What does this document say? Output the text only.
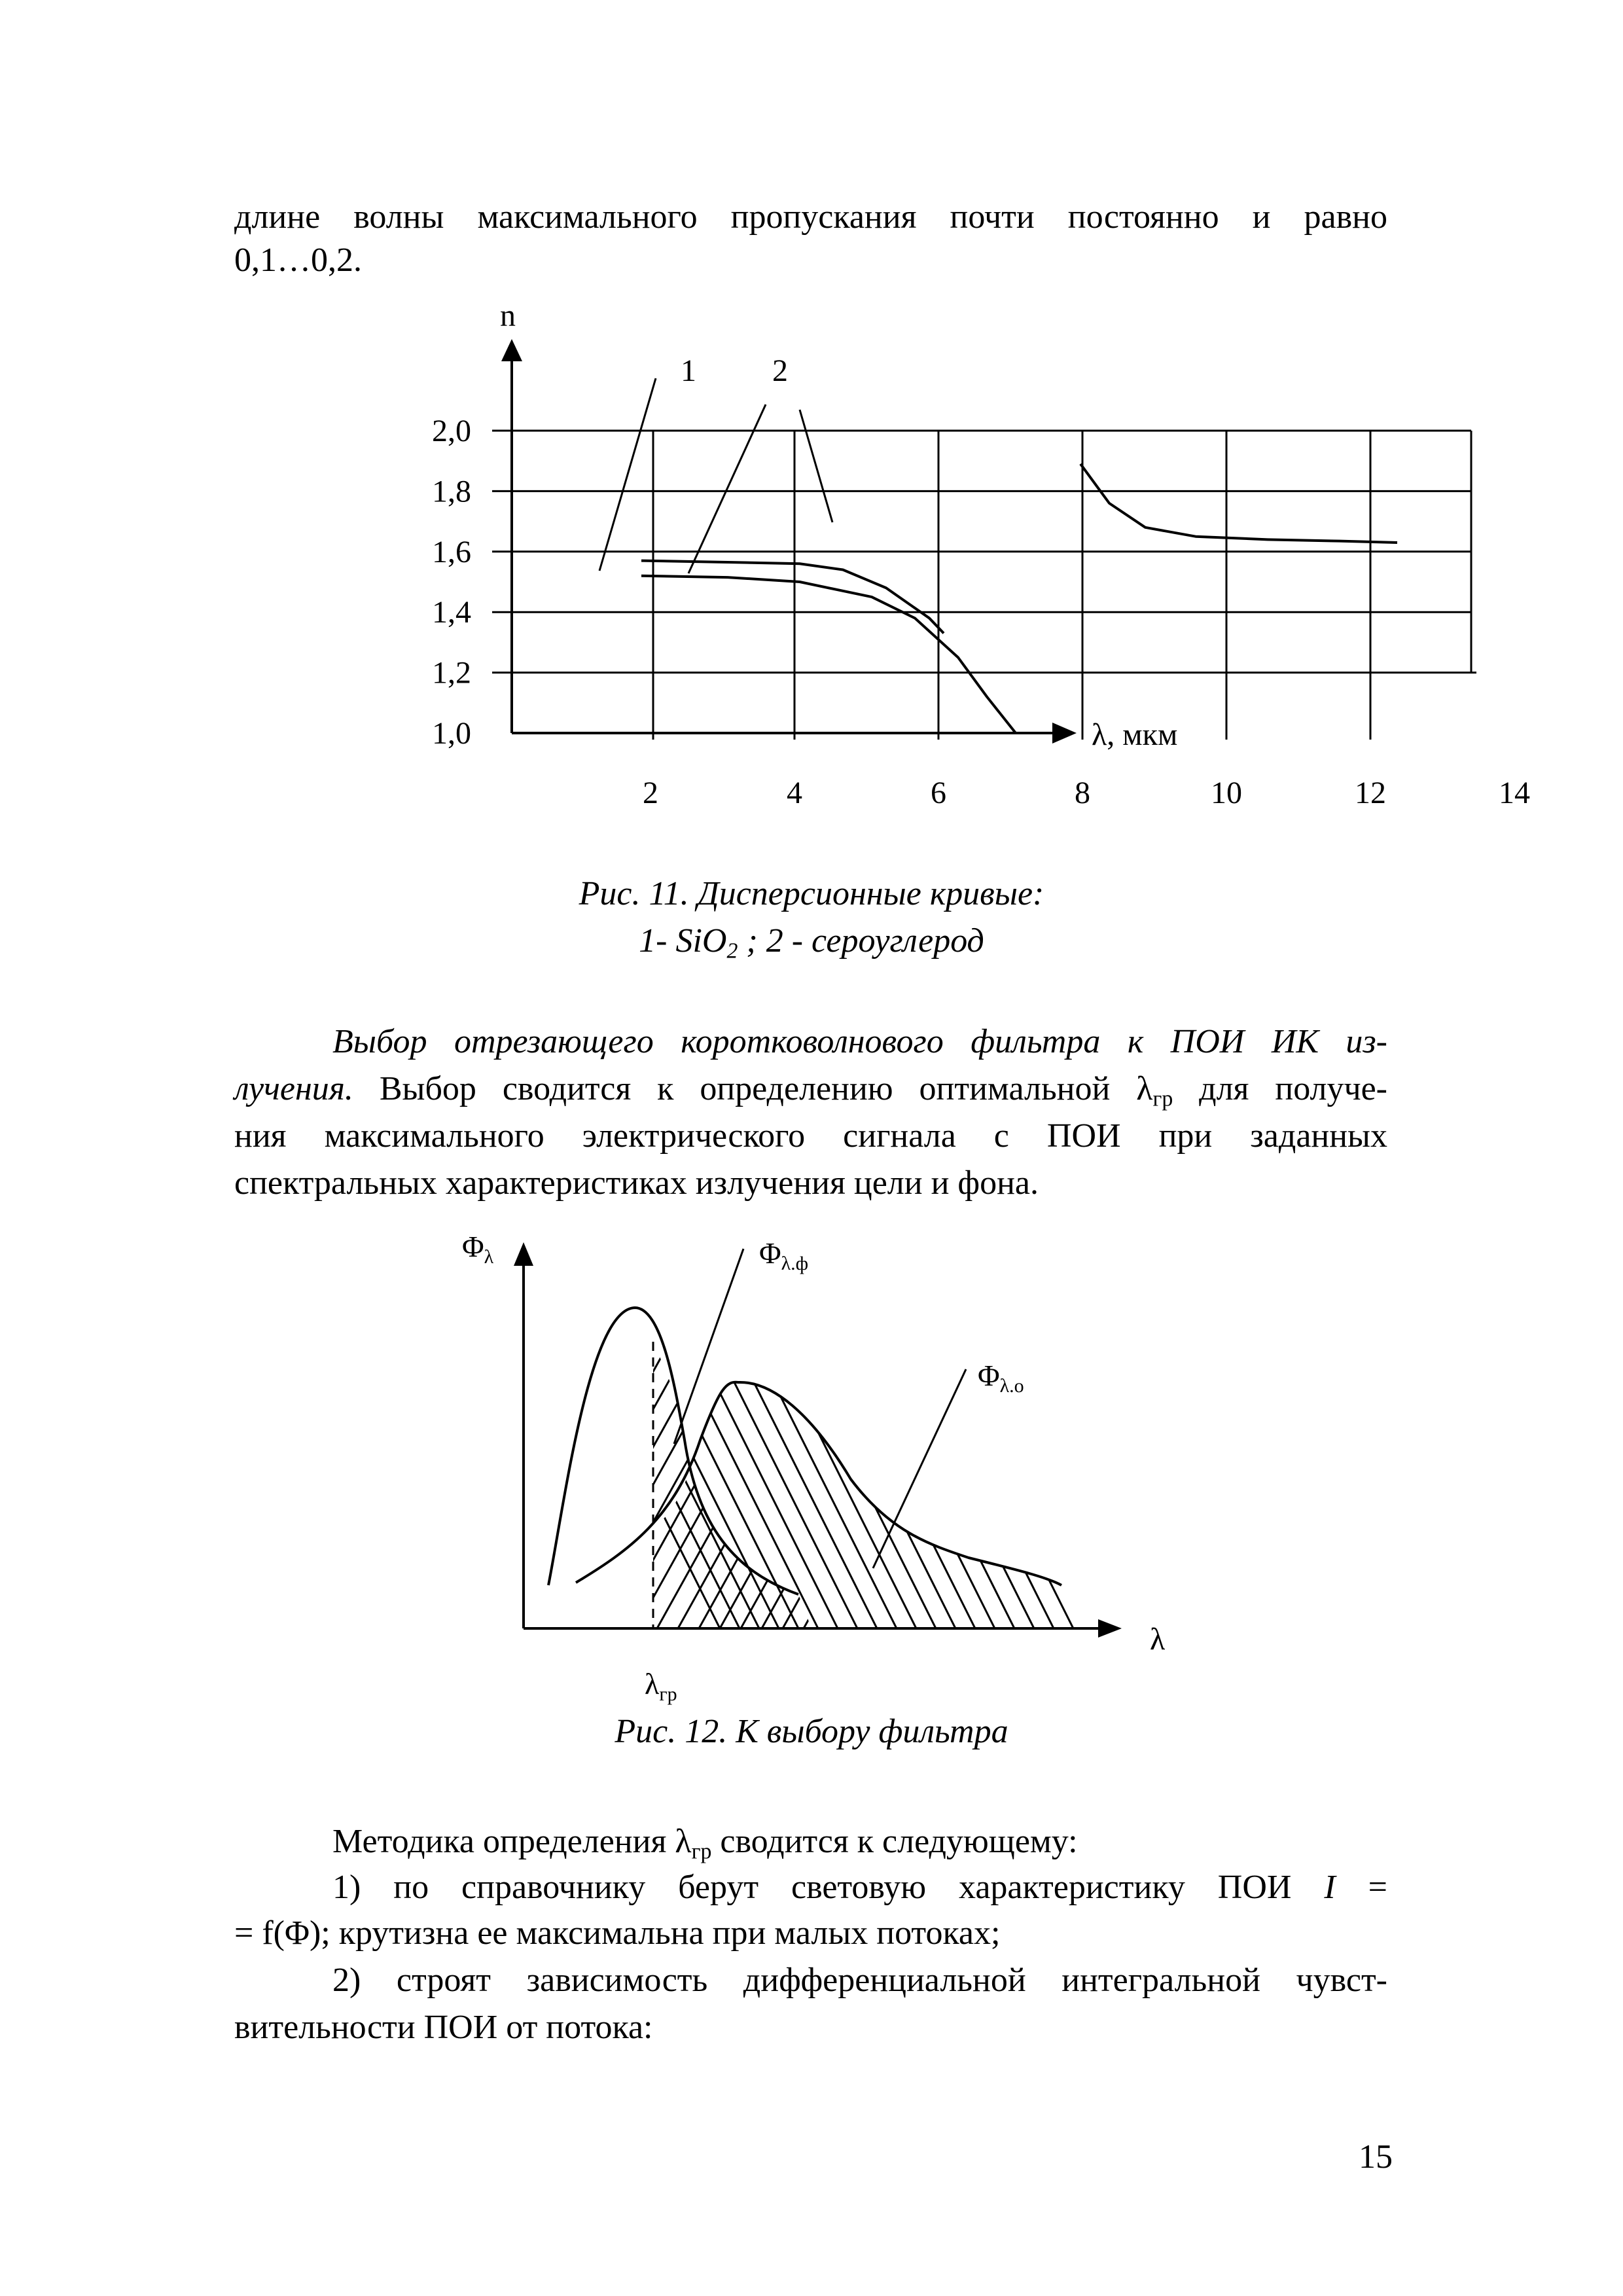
длине волны максимального пропускания почти постоянно и равно
0,1…0,2.
1,0
1,2
1,4
1,6
1,8
2,0
2	4	6	8	10	12	14
n
λ, мкм
1 2
Рис. 11. Дисперсионные кривые:
1- SiO$_2$ ; 2 - сероуглерод
Выбор отрезающего коротковолнового фильтра к ПОИ ИК из-
лучения. Выбор сводится к определению оптимальной $\lambda_{гр}$ для получе-
ния максимального электрического сигнала с ПОИ при заданных
спектральных характеристиках излучения цели и фона.
$\Phi_\lambda$
λ
$\lambda_{гр}$
$\Phi_{\lambda.ф}$
$\Phi_{\lambda.о}$
Рис. 12. К выбору фильтра
Методика определения $\lambda_{гр}$ сводится к следующему:
1) по справочнику берут световую характеристику ПОИ I =
= f(Φ); крутизна ее максимальна при малых потоках;
2) строят зависимость дифференциальной интегральной чувст-
вительности ПОИ от потока:
15
